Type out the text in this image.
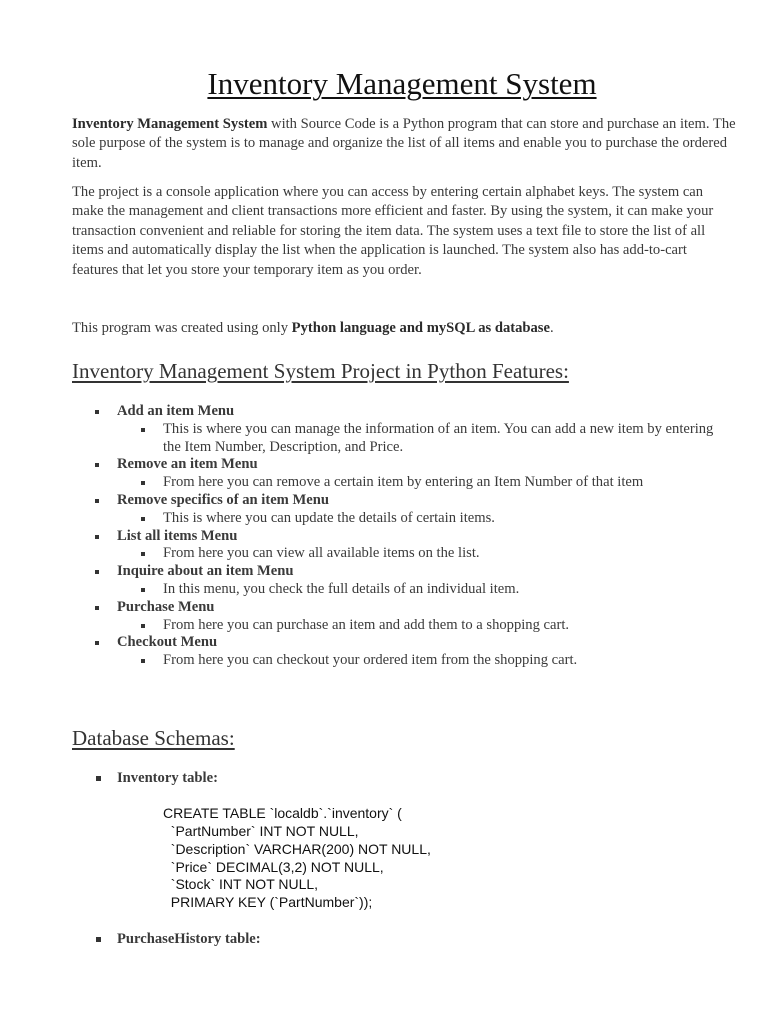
Inventory Management System

Inventory Management System with Source Code is a Python program that can store and purchase an item. The sole purpose of the system is to manage and organize the list of all items and enable you to purchase the ordered item.

The project is a console application where you can access by entering certain alphabet keys. The system can make the management and client transactions more efficient and faster. By using the system, it can make your transaction convenient and reliable for storing the item data. The system uses a text file to store the list of all items and automatically display the list when the application is launched. The system also has add-to-cart features that let you store your temporary item as you order.

This program was created using only Python language and mySQL as database.

Inventory Management System Project in Python Features:
Add an item Menu
This is where you can manage the information of an item. You can add a new item by entering the Item Number, Description, and Price.
Remove an item Menu
From here you can remove a certain item by entering an Item Number of that item
Remove specifics of an item Menu
This is where you can update the details of certain items.
List all items Menu
From here you can view all available items on the list.
Inquire about an item Menu
In this menu, you check the full details of an individual item.
Purchase Menu
From here you can purchase an item and add them to a shopping cart.
Checkout Menu
From here you can checkout your ordered item from the shopping cart.
Database Schemas:
Inventory table:
CREATE TABLE `localdb`.`inventory` (
`PartNumber` INT NOT NULL,
`Description` VARCHAR(200) NOT NULL,
`Price` DECIMAL(3,2) NOT NULL,
`Stock` INT NOT NULL,
PRIMARY KEY (`PartNumber`));
PurchaseHistory table:
